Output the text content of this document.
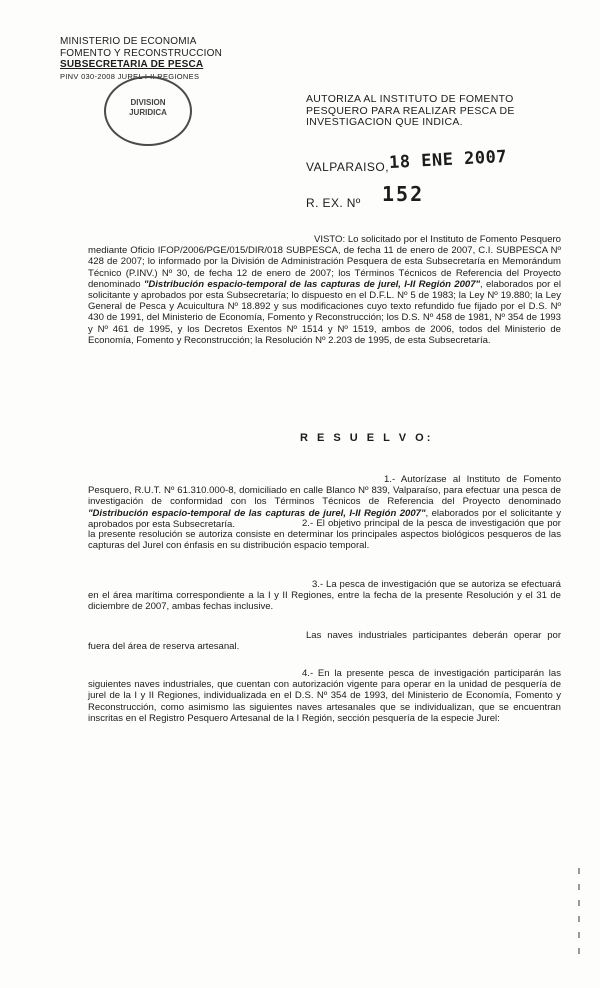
MINISTERIO DE ECONOMIA
FOMENTO Y RECONSTRUCCION
SUBSECRETARIA DE PESCA
PINV 030-2008 JUREL I-II REGIONES
DIVISION
JURIDICA
AUTORIZA AL INSTITUTO DE FOMENTO PESQUERO PARA REALIZAR PESCA DE INVESTIGACION QUE INDICA.
VALPARAISO, 18 ENE 2007
R. EX. Nº 152
VISTO: Lo solicitado por el Instituto de Fomento Pesquero mediante Oficio IFOP/2006/PGE/015/DIR/018 SUBPESCA, de fecha 11 de enero de 2007, C.I. SUBPESCA Nº 428 de 2007; lo informado por la División de Administración Pesquera de esta Subsecretaría en Memorándum Técnico (P.INV.) Nº 30, de fecha 12 de enero de 2007; los Términos Técnicos de Referencia del Proyecto denominado "Distribución espacio-temporal de las capturas de jurel, I-II Región 2007", elaborados por el solicitante y aprobados por esta Subsecretaría; lo dispuesto en el D.F.L. Nº 5 de 1983; la Ley Nº 19.880; la Ley General de Pesca y Acuicultura Nº 18.892 y sus modificaciones cuyo texto refundido fue fijado por el D.S. Nº 430 de 1991, del Ministerio de Economía, Fomento y Reconstrucción; los D.S. Nº 458 de 1981, Nº 354 de 1993 y Nº 461 de 1995, y los Decretos Exentos Nº 1514 y Nº 1519, ambos de 2006, todos del Ministerio de Economía, Fomento y Reconstrucción; la Resolución Nº 2.203 de 1995, de esta Subsecretaría.
R E S U E L V O:
1.- Autorízase al Instituto de Fomento Pesquero, R.U.T. Nº 61.310.000-8, domiciliado en calle Blanco Nº 839, Valparaíso, para efectuar una pesca de investigación de conformidad con los Términos Técnicos de Referencia del Proyecto denominado "Distribución espacio-temporal de las capturas de jurel, I-II Región 2007", elaborados por el solicitante y aprobados por esta Subsecretaría.	2.- El objetivo principal de la pesca de investigación que por la presente resolución se autoriza consiste en determinar los principales aspectos biológicos pesqueros de las capturas del Jurel con énfasis en su distribución espacio temporal.
3.- La pesca de investigación que se autoriza se efectuará en el área marítima correspondiente a la I y II Regiones, entre la fecha de la presente Resolución y el 31 de diciembre de 2007, ambas fechas inclusive.
Las naves industriales participantes deberán operar por fuera del área de reserva artesanal.
4.- En la presente pesca de investigación participarán las siguientes naves industriales, que cuentan con autorización vigente para operar en la unidad de pesquería de jurel de la I y II Regiones, individualizada en el D.S. Nº 354 de 1993, del Ministerio de Economía, Fomento y Reconstrucción, como asimismo las siguientes naves artesanales que se individualizan, que se encuentran inscritas en el Registro Pesquero Artesanal de la I Región, sección pesquería de la especie Jurel:
